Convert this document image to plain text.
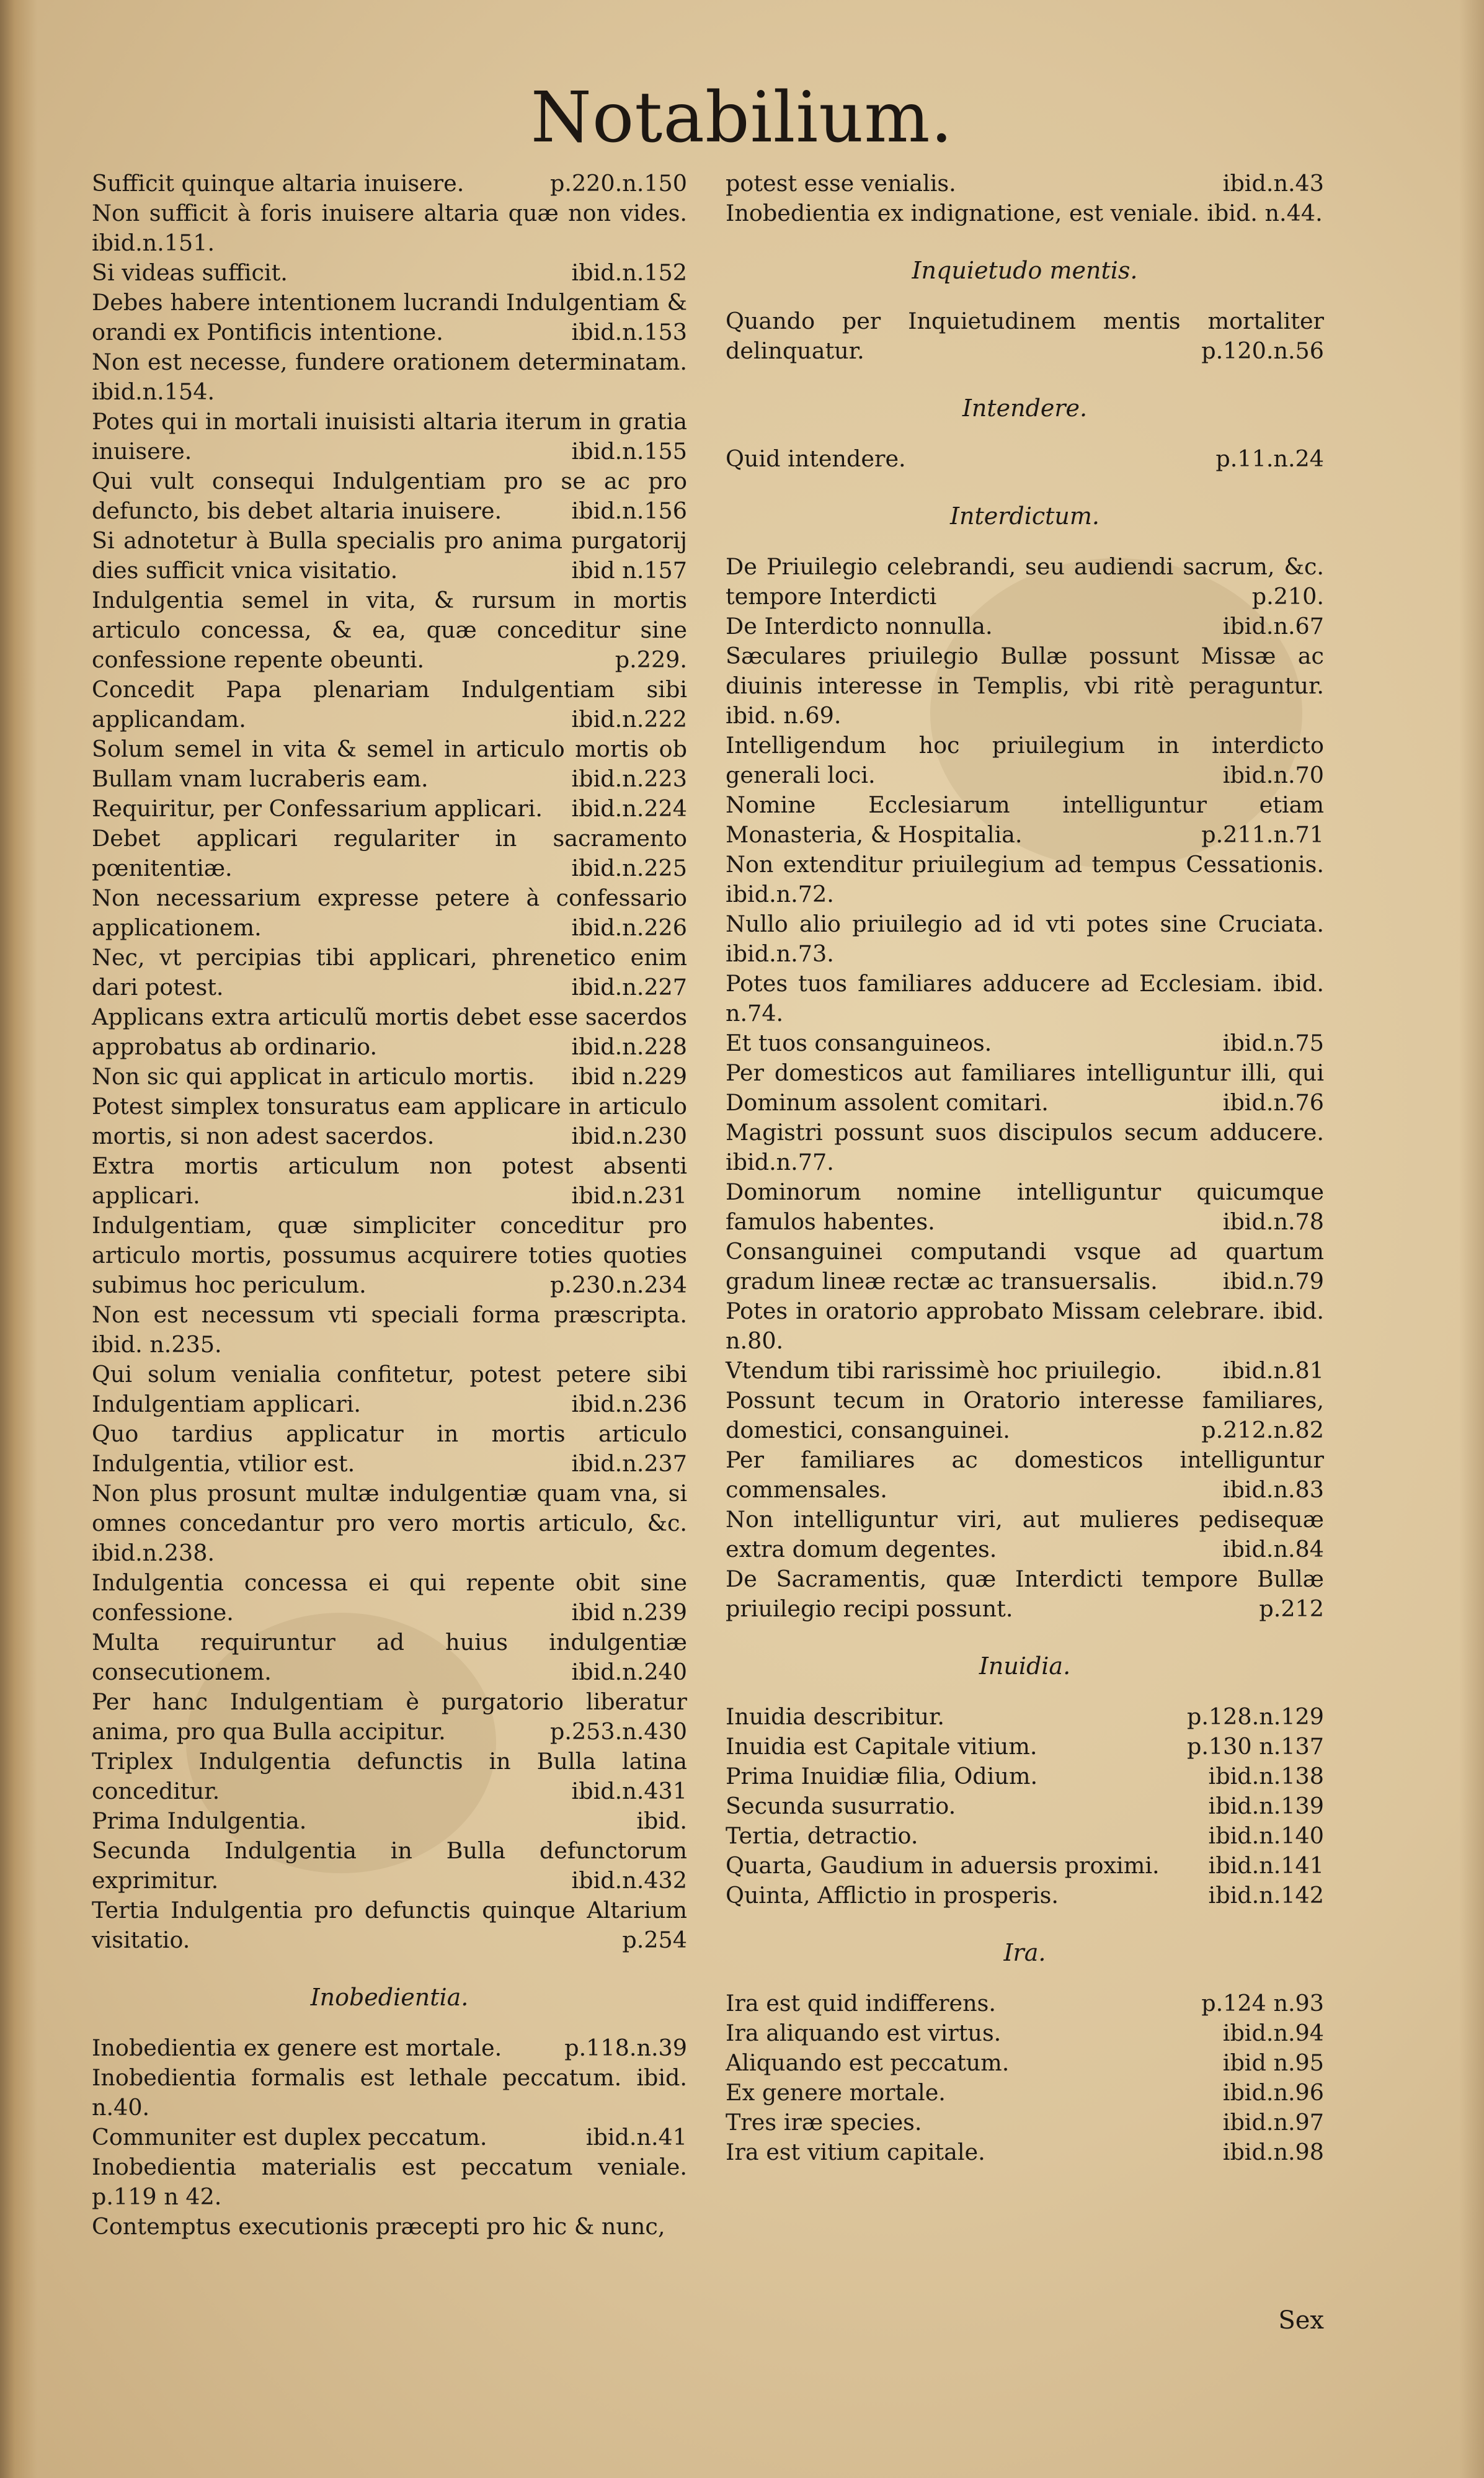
Notabilium.
Sufficit quinque altaria inuisere.	p.220.n.150
Non sufficit à foris inuisere altaria quæ non vides. ibid.n.151.
Si videas sufficit.	ibid.n.152
Debes habere intentionem lucrandi Indulgentiam & orandi ex Pontificis intentione.	ibid.n.153
Non est necesse, fundere orationem determinatam. ibid.n.154.
Potes qui in mortali inuisisti altaria iterum in gratia inuisere.	ibid.n.155
Qui vult consequi Indulgentiam pro se ac pro defuncto, bis debet altaria inuisere.	ibid.n.156
Si adnotetur à Bulla specialis pro anima purgatorij dies sufficit vnica visitatio.	ibid n.157
Indulgentia semel in vita, & rursum in mortis articulo concessa, & ea, quæ conceditur sine confessione repente obeunti.	p.229.
Concedit Papa plenariam Indulgentiam sibi applicandam.	ibid.n.222
Solum semel in vita & semel in articulo mortis ob Bullam vnam lucraberis eam.	ibid.n.223
Requiritur, per Confessarium applicari. ibid.n.224
Debet applicari regulariter in sacramento pœnitentiæ.	ibid.n.225
Non necessarium expresse petere à confessario applicationem.	ibid.n.226
Nec, vt percipias tibi applicari, phrenetico enim dari potest.	ibid.n.227
Applicans extra articulũ mortis debet esse sacerdos approbatus ab ordinario.	ibid.n.228
Non sic qui applicat in articulo mortis. ibid n.229
Potest simplex tonsuratus eam applicare in articulo mortis, si non adest sacerdos.	ibid.n.230
Extra mortis articulum non potest absenti applicari.	ibid.n.231
Indulgentiam, quæ simpliciter conceditur pro articulo mortis, possumus acquirere toties quoties subimus hoc periculum.	p.230.n.234
Non est necessum vti speciali forma præscripta. ibid. n.235.
Qui solum venialia confitetur, potest petere sibi Indulgentiam applicari.	ibid.n.236
Quo tardius applicatur in mortis articulo Indulgentia, vtilior est.	ibid.n.237
Non plus prosunt multæ indulgentiæ quam vna, si omnes concedantur pro vero mortis articulo, &c. ibid.n.238.
Indulgentia concessa ei qui repente obit sine confessione.	ibid n.239
Multa requiruntur ad huius indulgentiæ consecutionem.	ibid.n.240
Per hanc Indulgentiam è purgatorio liberatur anima, pro qua Bulla accipitur.	p.253.n.430
Triplex Indulgentia defunctis in Bulla latina conceditur.	ibid.n.431
Prima Indulgentia.	ibid.
Secunda Indulgentia in Bulla defunctorum exprimitur.	ibid.n.432
Tertia Indulgentia pro defunctis quinque Altarium visitatio.	p.254
Inobedientia.
Inobedientia ex genere est mortale.	p.118.n.39
Inobedientia formalis est lethale peccatum. ibid. n.40.
Communiter est duplex peccatum.	ibid.n.41
Inobedientia materialis est peccatum veniale. p.119 n 42.
Contemptus executionis præcepti pro hic & nunc,
potest esse venialis.	ibid.n.43
Inobedientia ex indignatione, est veniale. ibid. n.44.
Inquietudo mentis.
Quando per Inquietudinem mentis mortaliter delinquatur.	p.120.n.56
Intendere.
Quid intendere.	p.11.n.24
Interdictum.
De Priuilegio celebrandi, seu audiendi sacrum, &c. tempore Interdicti	p.210.
De Interdicto nonnulla.	ibid.n.67
Sæculares priuilegio Bullæ possunt Missæ ac diuinis interesse in Templis, vbi ritè peraguntur. ibid. n.69.
Intelligendum hoc priuilegium in interdicto generali loci.	ibid.n.70
Nomine Ecclesiarum intelliguntur etiam Monasteria, & Hospitalia.	p.211.n.71
Non extenditur priuilegium ad tempus Cessationis. ibid.n.72.
Nullo alio priuilegio ad id vti potes sine Cruciata. ibid.n.73.
Potes tuos familiares adducere ad Ecclesiam. ibid. n.74.
Et tuos consanguineos.	ibid.n.75
Per domesticos aut familiares intelliguntur illi, qui Dominum assolent comitari.	ibid.n.76
Magistri possunt suos discipulos secum adducere. ibid.n.77.
Dominorum nomine intelliguntur quicumque famulos habentes.	ibid.n.78
Consanguinei computandi vsque ad quartum gradum lineæ rectæ ac transuersalis.	ibid.n.79
Potes in oratorio approbato Missam celebrare. ibid. n.80.
Vtendum tibi rarissimè hoc priuilegio.	ibid.n.81
Possunt tecum in Oratorio interesse familiares, domestici, consanguinei.	p.212.n.82
Per familiares ac domesticos intelliguntur commensales.	ibid.n.83
Non intelliguntur viri, aut mulieres pedisequæ extra domum degentes.	ibid.n.84
De Sacramentis, quæ Interdicti tempore Bullæ priuilegio recipi possunt.	p.212
Inuidia.
Inuidia describitur.	p.128.n.129
Inuidia est Capitale vitium.	p.130 n.137
Prima Inuidiæ filia, Odium.	ibid.n.138
Secunda susurratio.	ibid.n.139
Tertia, detractio.	ibid.n.140
Quarta, Gaudium in aduersis proximi. ibid.n.141
Quinta, Afflictio in prosperis.	ibid.n.142
Ira.
Ira est quid indifferens.	p.124 n.93
Ira aliquando est virtus.	ibid.n.94
Aliquando est peccatum.	ibid n.95
Ex genere mortale.	ibid.n.96
Tres iræ species.	ibid.n.97
Ira est vitium capitale.	ibid.n.98
Sex
